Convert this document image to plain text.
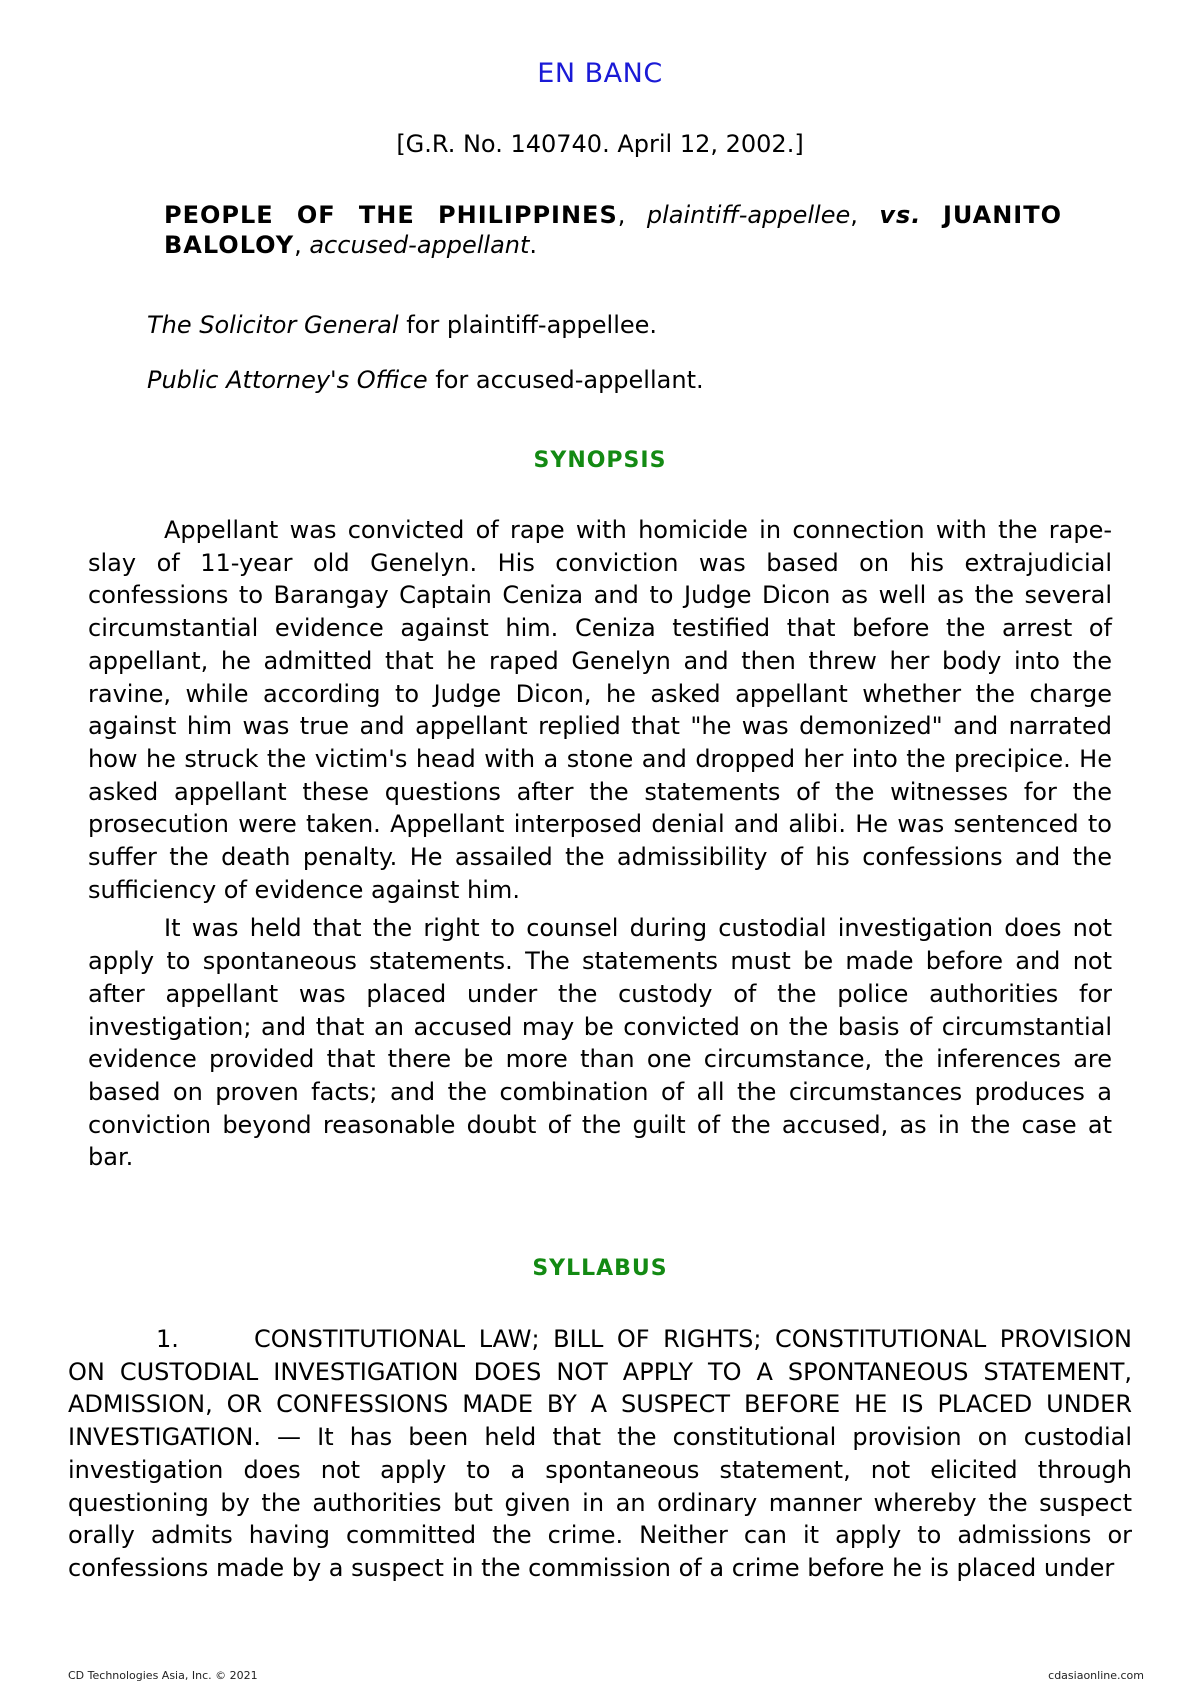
EN BANC
[G.R. No. 140740. April 12, 2002.]
PEOPLE OF THE PHILIPPINES, plaintiff-appellee, vs. JUANITO BALOLOY, accused-appellant.
The Solicitor General for plaintiff-appellee.
Public Attorney's Office for accused-appellant.
SYNOPSIS

Appellant was convicted of rape with homicide in connection with the rape-slay of 11-year old Genelyn. His conviction was based on his extrajudicial confessions to Barangay Captain Ceniza and to Judge Dicon as well as the several circumstantial evidence against him. Ceniza testified that before the arrest of appellant, he admitted that he raped Genelyn and then threw her body into the ravine, while according to Judge Dicon, he asked appellant whether the charge against him was true and appellant replied that "he was demonized" and narrated how he struck the victim's head with a stone and dropped her into the precipice. He asked appellant these questions after the statements of the witnesses for the prosecution were taken. Appellant interposed denial and alibi. He was sentenced to suffer the death penalty. He assailed the admissibility of his confessions and the sufficiency of evidence against him.

It was held that the right to counsel during custodial investigation does not apply to spontaneous statements. The statements must be made before and not after appellant was placed under the custody of the police authorities for investigation; and that an accused may be convicted on the basis of circumstantial evidence provided that there be more than one circumstance, the inferences are based on proven facts; and the combination of all the circumstances produces a conviction beyond reasonable doubt of the guilt of the accused, as in the case at bar.

SYLLABUS

1.	CONSTITUTIONAL LAW; BILL OF RIGHTS; CONSTITUTIONAL PROVISION ON CUSTODIAL INVESTIGATION DOES NOT APPLY TO A SPONTANEOUS STATEMENT, ADMISSION, OR CONFESSIONS MADE BY A SUSPECT BEFORE HE IS PLACED UNDER INVESTIGATION. — It has been held that the constitutional provision on custodial investigation does not apply to a spontaneous statement, not elicited through questioning by the authorities but given in an ordinary manner whereby the suspect orally admits having committed the crime. Neither can it apply to admissions or confessions made by a suspect in the commission of a crime before he is placed under

CD Technologies Asia, Inc. © 2021	cdasiaonline.com
